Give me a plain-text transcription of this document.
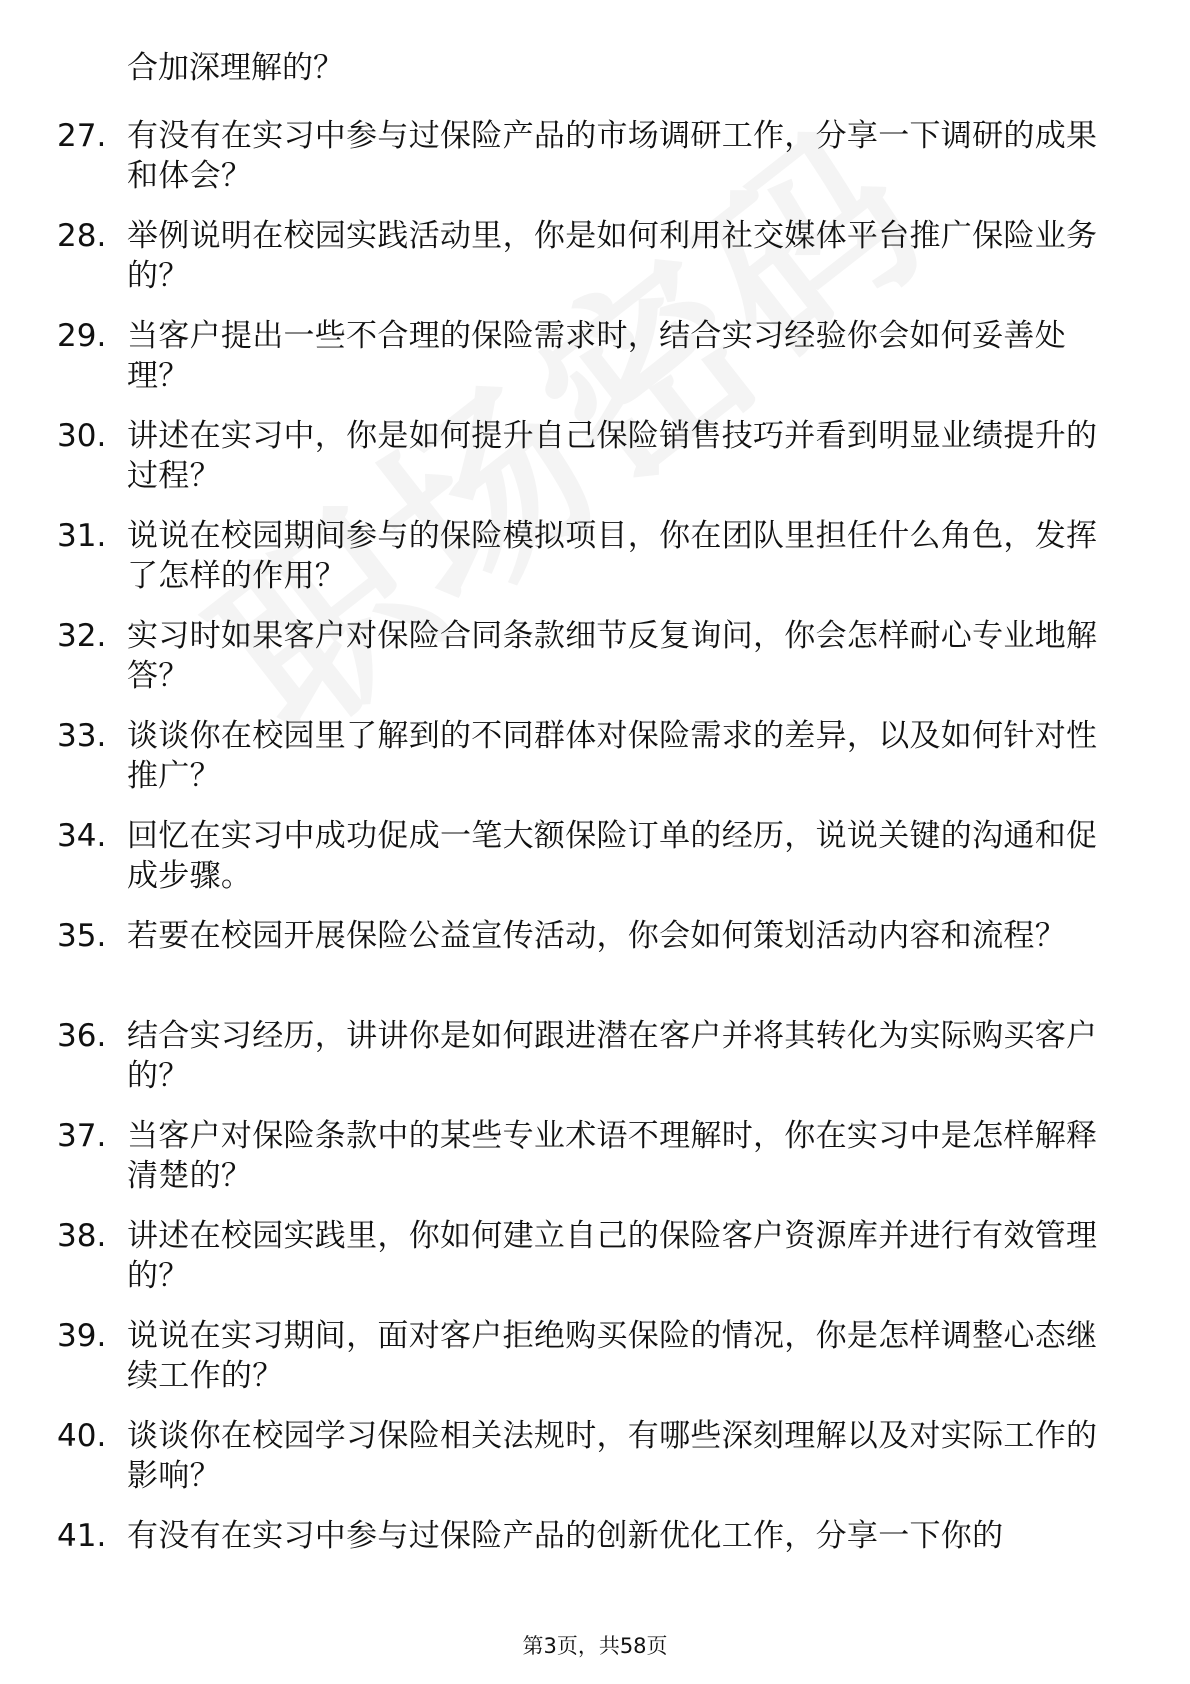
合加深理解的？
27. 有没有在实习中参与过保险产品的市场调研工作，分享一下调研的成果和体会？
28. 举例说明在校园实践活动里，你是如何利用社交媒体平台推广保险业务的？
29. 当客户提出一些不合理的保险需求时，结合实习经验你会如何妥善处理？
30. 讲述在实习中，你是如何提升自己保险销售技巧并看到明显业绩提升的过程？
31. 说说在校园期间参与的保险模拟项目，你在团队里担任什么角色，发挥了怎样的作用？
32. 实习时如果客户对保险合同条款细节反复询问，你会怎样耐心专业地解答？
33. 谈谈你在校园里了解到的不同群体对保险需求的差异，以及如何针对性推广？
34. 回忆在实习中成功促成一笔大额保险订单的经历，说说关键的沟通和促成步骤。
35. 若要在校园开展保险公益宣传活动，你会如何策划活动内容和流程？
36. 结合实习经历，讲讲你是如何跟进潜在客户并将其转化为实际购买客户的？
37. 当客户对保险条款中的某些专业术语不理解时，你在实习中是怎样解释清楚的？
38. 讲述在校园实践里，你如何建立自己的保险客户资源库并进行有效管理的？
39. 说说在实习期间，面对客户拒绝购买保险的情况，你是怎样调整心态继续工作的？
40. 谈谈你在校园学习保险相关法规时，有哪些深刻理解以及对实际工作的影响？
41. 有没有在实习中参与过保险产品的创新优化工作，分享一下你的
第3页，共58页
